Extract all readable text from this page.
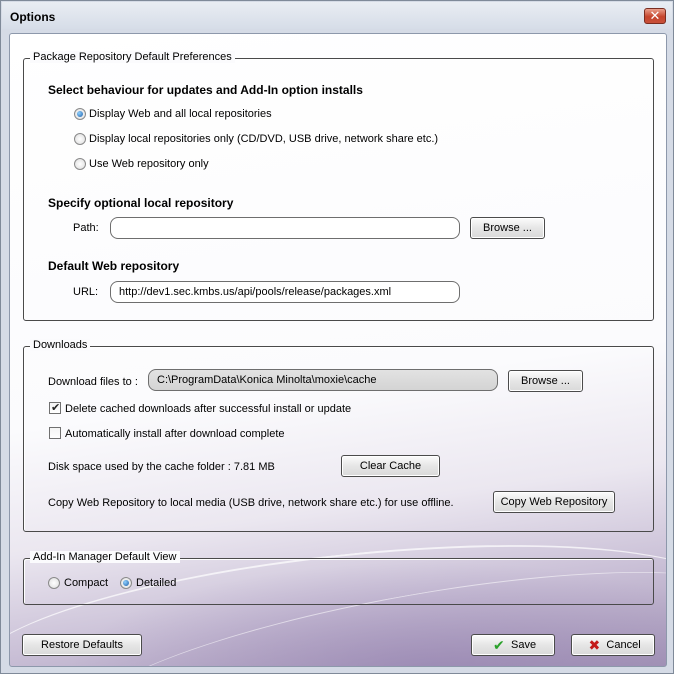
Options	✕
Package Repository Default Preferences
Select behaviour for updates and Add-In option installs
Display Web and all local repositories
Display local repositories only (CD/DVD, USB drive, network share etc.)
Use Web repository only
Specify optional local repository
Path:	Browse ...
Default Web repository
URL:	http://dev1.sec.kmbs.us/api/pools/release/packages.xml
Downloads
Download files to :	C:\ProgramData\Konica Minolta\moxie\cache	Browse ...
✔
Delete cached downloads after successful install or update
Automatically install after download complete
Disk space used by the cache folder : 7.81 MB	Clear Cache
Copy Web Repository to local media (USB drive, network share etc.) for use offline.	Copy Web Repository
Add-In Manager Default View
Compact	Detailed
Restore Defaults	✔ Save	✖ Cancel
